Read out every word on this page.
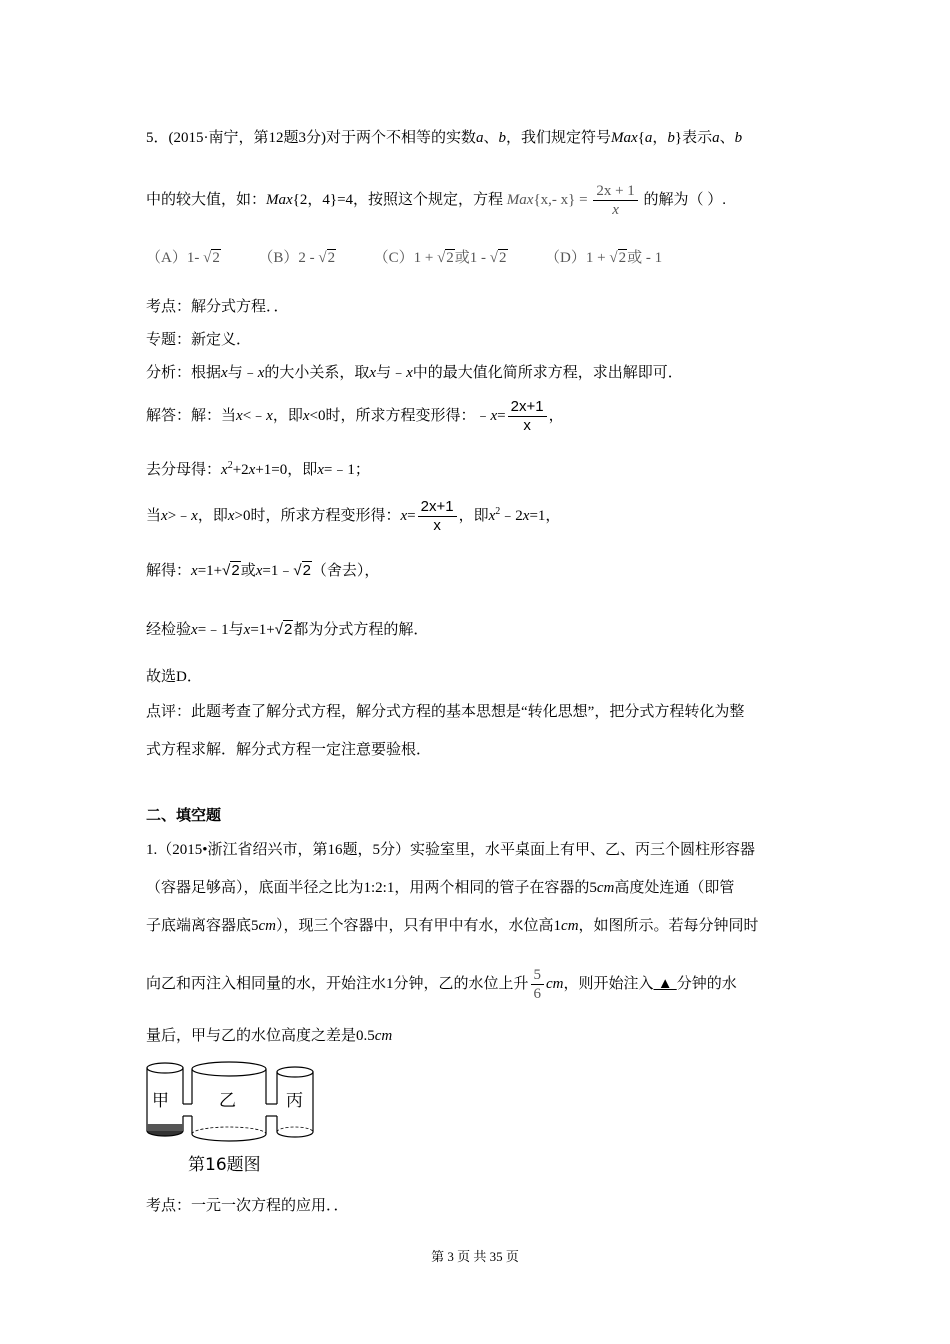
5．(2015·南宁，第12题3分)对于两个不相等的实数a、b，我们规定符号Max{a，b}表示a、b
中的较大值，如：Max{2，4}=4，按照这个规定，方程 Max{x,- $x\} = \frac{2x + 1}{x}$ 的解为（ ）.
（A）1- √2	（B）2 - √2	（C）1 + √2或1 - √2	（D）1 + √2或 - 1
考点：解分式方程．．
专题：新定义．
分析：根据x与﹣x的大小关系，取x与﹣x中的最大值化简所求方程，求出解即可．
解答：解：当x<﹣x，即x<0时，所求方程变形得：﹣x= $\frac{2x+1}{x}$ ，
去分母得：$x^2+2x+1=0$，即x=﹣1；
当x>﹣x，即x>0时，所求方程变形得：$x= \frac{2x+1}{x}$ ，即$x^2﹣2x=1$，
解得：x=1+√2或x=1﹣√2（舍去），
经检验x=﹣1与x=1+√2都为分式方程的解．
故选D．
点评：此题考查了解分式方程，解分式方程的基本思想是“转化思想”，把分式方程转化为整
式方程求解．解分式方程一定注意要验根．
二、填空题
1.（2015•浙江省绍兴市，第16题，5分）实验室里，水平桌面上有甲、乙、丙三个圆柱形容器
（容器足够高），底面半径之比为1:2:1，用两个相同的管子在容器的5cm高度处连通（即管
子底端离容器底5cm），现三个容器中，只有甲中有水，水位高1cm，如图所示。若每分钟同时
向乙和丙注入相同量的水，开始注水1分钟，乙的水位上升 $\frac{5}{6}$ cm，则开始注入 ▲ 分钟的水
量后，甲与乙的水位高度之差是0.5cm
甲	乙	丙
第16题图
考点：一元一次方程的应用．．
第 3 页 共 35 页
